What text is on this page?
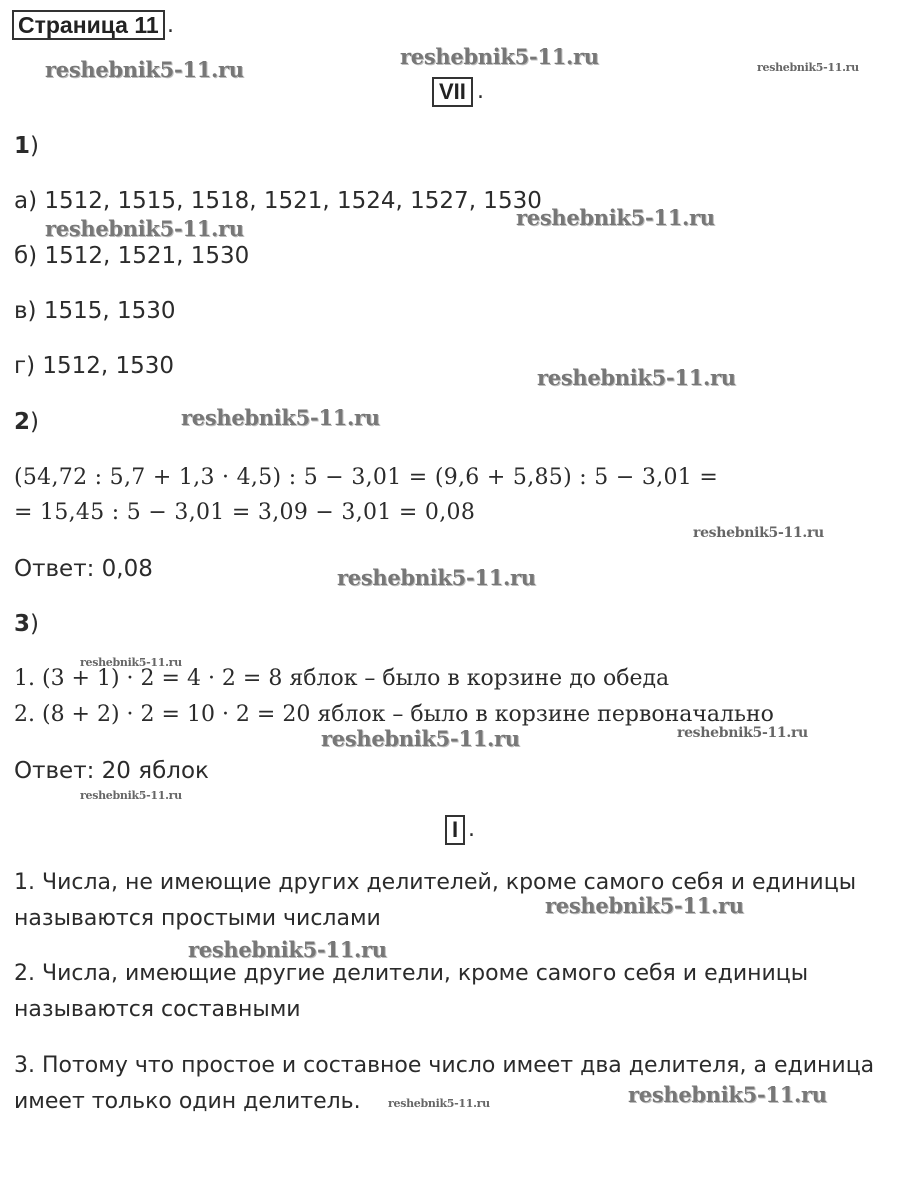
Страница 11 .
VII .
1)
а) 1512, 1515, 1518, 1521, 1524, 1527, 1530
б) 1512, 1521, 1530
в) 1515, 1530
г) 1512, 1530
2)
(54,72 : 5,7 + 1,3 · 4,5) : 5 − 3,01 = (9,6 + 5,85) : 5 − 3,01 =
= 15,45 : 5 − 3,01 = 3,09 − 3,01 = 0,08
Ответ: 0,08
3)
1. (3 + 1) · 2 = 4 · 2 = 8 яблок – было в корзине до обеда
2. (8 + 2) · 2 = 10 · 2 = 20 яблок – было в корзине первоначально
Ответ: 20 яблок
I .
1. Числа, не имеющие других делителей, кроме самого себя и единицы
называются простыми числами
2. Числа, имеющие другие делители, кроме самого себя и единицы
называются составными
3. Потому что простое и составное число имеет два делителя, а единица
имеет только один делитель.
reshebnik5-11.ru
reshebnik5-11.ru	reshebnik5-11.ru
reshebnik5-11.ru	reshebnik5-11.ru
reshebnik5-11.ru
reshebnik5-11.ru
reshebnik5-11.ru
reshebnik5-11.ru
reshebnik5-11.ru
reshebnik5-11.ru	reshebnik5-11.ru
reshebnik5-11.ru
reshebnik5-11.ru
reshebnik5-11.ru
reshebnik5-11.ru
reshebnik5-11.ru
